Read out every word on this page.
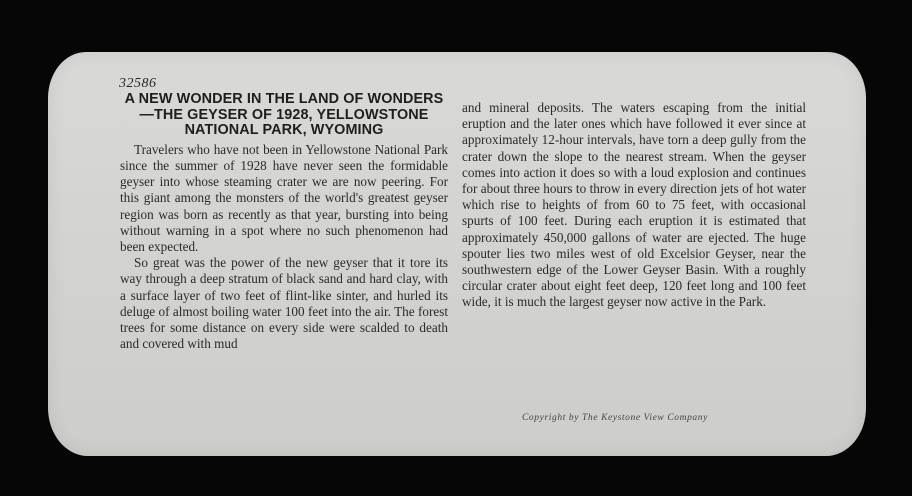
32586
A NEW WONDER IN THE LAND OF WONDERS—THE GEYSER OF 1928, YELLOWSTONE NATIONAL PARK, WYOMING

Travelers who have not been in Yellowstone National Park since the summer of 1928 have never seen the formidable geyser into whose steaming crater we are now peering. For this giant among the monsters of the world's greatest geyser region was born as recently as that year, bursting into being without warning in a spot where no such phenomenon had been expected.

So great was the power of the new geyser that it tore its way through a deep stratum of black sand and hard clay, with a surface layer of two feet of flint-like sinter, and hurled its deluge of almost boiling water 100 feet into the air. The forest trees for some distance on every side were scalded to death and covered with mud

and mineral deposits. The waters escaping from the initial eruption and the later ones which have followed it ever since at approximately 12-hour intervals, have torn a deep gully from the crater down the slope to the nearest stream. When the geyser comes into action it does so with a loud explosion and continues for about three hours to throw in every direction jets of hot water which rise to heights of from 60 to 75 feet, with occasional spurts of 100 feet. During each eruption it is estimated that approximately 450,000 gallons of water are ejected. The huge spouter lies two miles west of old Excelsior Geyser, near the southwestern edge of the Lower Geyser Basin. With a roughly circular crater about eight feet deep, 120 feet long and 100 feet wide, it is much the largest geyser now active in the Park.

Copyright by The Keystone View Company
